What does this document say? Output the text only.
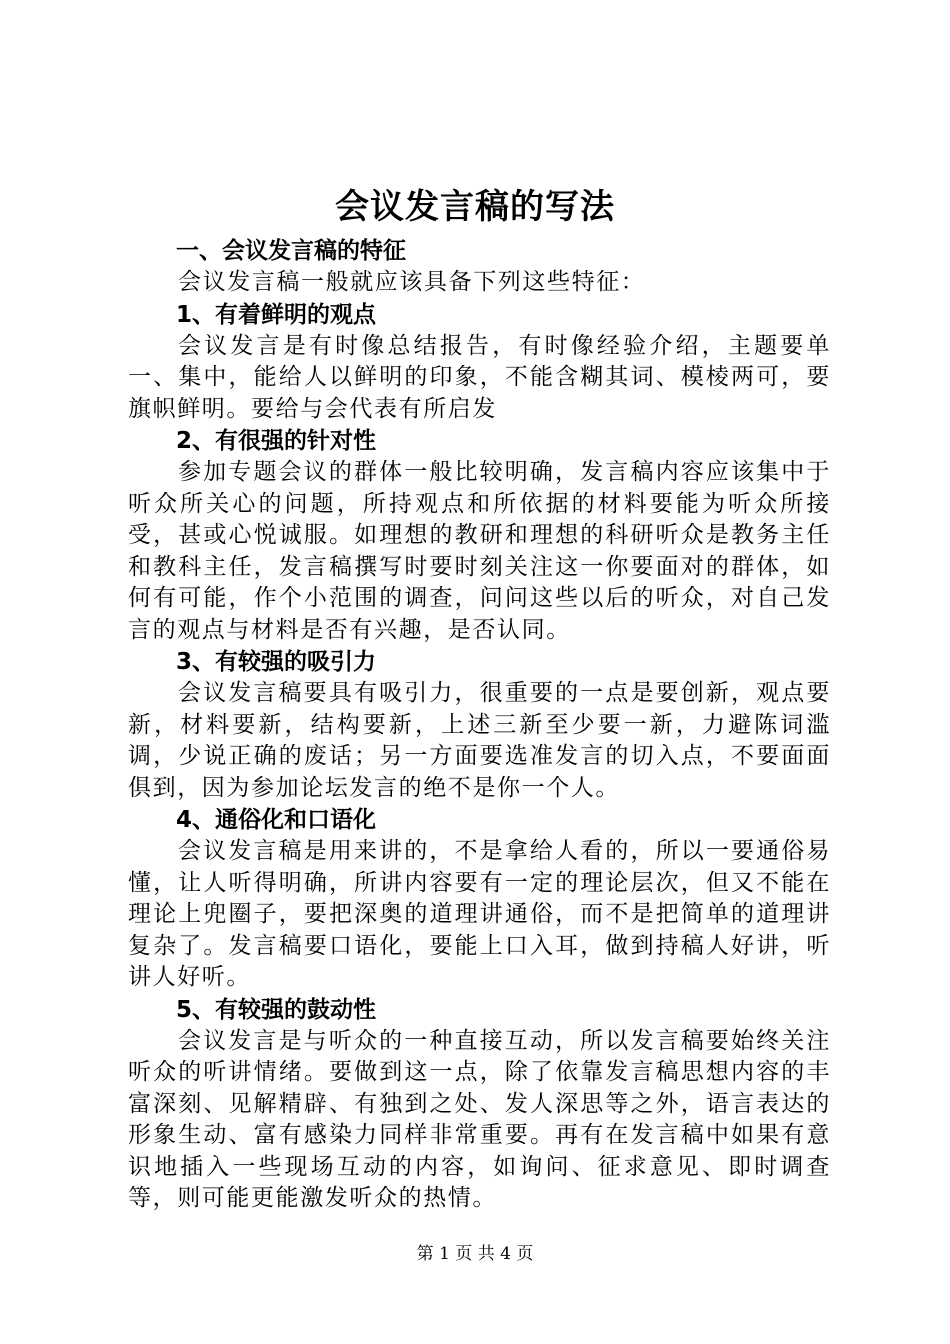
会议发言稿的写法
一、会议发言稿的特征

会议发言稿一般就应该具备下列这些特征：

1、有着鲜明的观点

会议发言是有时像总结报告，有时像经验介绍，主题要单一、集中，能给人以鲜明的印象，不能含糊其词、模棱两可，要旗帜鲜明。要给与会代表有所启发

2、有很强的针对性

参加专题会议的群体一般比较明确，发言稿内容应该集中于听众所关心的问题，所持观点和所依据的材料要能为听众所接受，甚或心悦诚服。如理想的教研和理想的科研听众是教务主任和教科主任，发言稿撰写时要时刻关注这一你要面对的群体，如何有可能，作个小范围的调查，问问这些以后的听众，对自己发言的观点与材料是否有兴趣，是否认同。

3、有较强的吸引力

会议发言稿要具有吸引力，很重要的一点是要创新，观点要新，材料要新，结构要新，上述三新至少要一新，力避陈词滥调，少说正确的废话；另一方面要选准发言的切入点，不要面面俱到，因为参加论坛发言的绝不是你一个人。

4、通俗化和口语化

会议发言稿是用来讲的，不是拿给人看的，所以一要通俗易懂，让人听得明确，所讲内容要有一定的理论层次，但又不能在理论上兜圈子，要把深奥的道理讲通俗，而不是把简单的道理讲复杂了。发言稿要口语化，要能上口入耳，做到持稿人好讲，听讲人好听。

5、有较强的鼓动性

会议发言是与听众的一种直接互动，所以发言稿要始终关注听众的听讲情绪。要做到这一点，除了依靠发言稿思想内容的丰富深刻、见解精辟、有独到之处、发人深思等之外，语言表达的形象生动、富有感染力同样非常重要。再有在发言稿中如果有意识地插入一些现场互动的内容，如询问、征求意见、即时调查等，则可能更能激发听众的热情。

第 1 页 共 4 页
